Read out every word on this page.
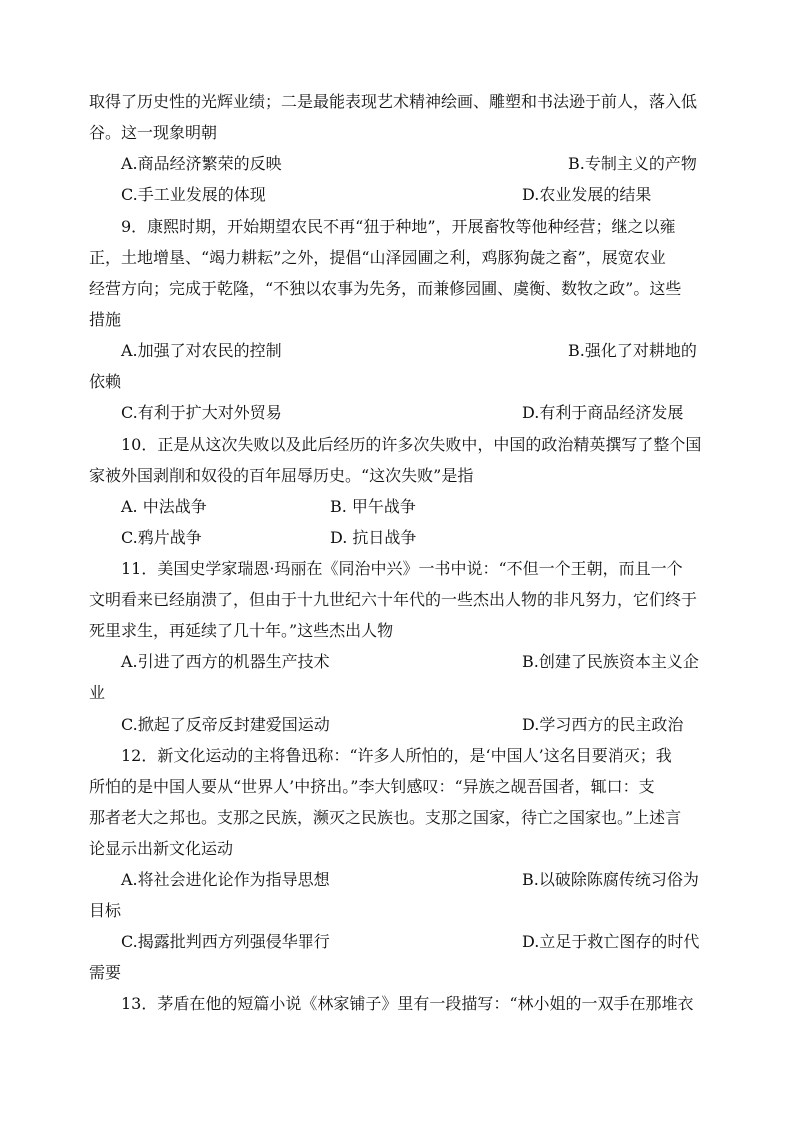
取得了历史性的光辉业绩；二是最能表现艺术精神绘画、雕塑和书法逊于前人，落入低
谷。这一现象明朝
A.商品经济繁荣的反映	B.专制主义的产物
C.手工业发展的体现	D.农业发展的结果
9．康熙时期，开始期望农民不再“狃于种地”，开展畜牧等他种经营；继之以雍
正，土地增垦、“竭力耕耘”之外，提倡“山泽园圃之利，鸡豚狗彘之畜”，展宽农业
经营方向；完成于乾隆，“不独以农事为先务，而兼修园圃、虞衡、数牧之政”。这些
措施
A.加强了对农民的控制	B.强化了对耕地的
依赖
C.有利于扩大对外贸易	D.有利于商品经济发展
10．正是从这次失败以及此后经历的许多次失败中，中国的政治精英撰写了整个国
家被外国剥削和奴役的百年屈辱历史。“这次失败”是指
A. 中法战争	B. 甲午战争
C.鸦片战争	D. 抗日战争
11．美国史学家瑞恩·玛丽在《同治中兴》一书中说：“不但一个王朝，而且一个
文明看来已经崩溃了，但由于十九世纪六十年代的一些杰出人物的非凡努力，它们终于
死里求生，再延续了几十年。”这些杰出人物
A.引进了西方的机器生产技术	B.创建了民族资本主义企
业
C.掀起了反帝反封建爱国运动	D.学习西方的民主政治
12．新文化运动的主将鲁迅称：“许多人所怕的，是‘中国人’这名目要消灭；我
所怕的是中国人要从“世界人’中挤出。”李大钊感叹：“异族之觇吾国者，辄口：支
那者老大之邦也。支那之民族，濒灭之民族也。支那之国家，待亡之国家也。”上述言
论显示出新文化运动
A.将社会进化论作为指导思想	B.以破除陈腐传统习俗为
目标
C.揭露批判西方列强侵华罪行	D.立足于救亡图存的时代
需要
13．茅盾在他的短篇小说《林家铺子》里有一段描写：“林小姐的一双手在那堆衣
